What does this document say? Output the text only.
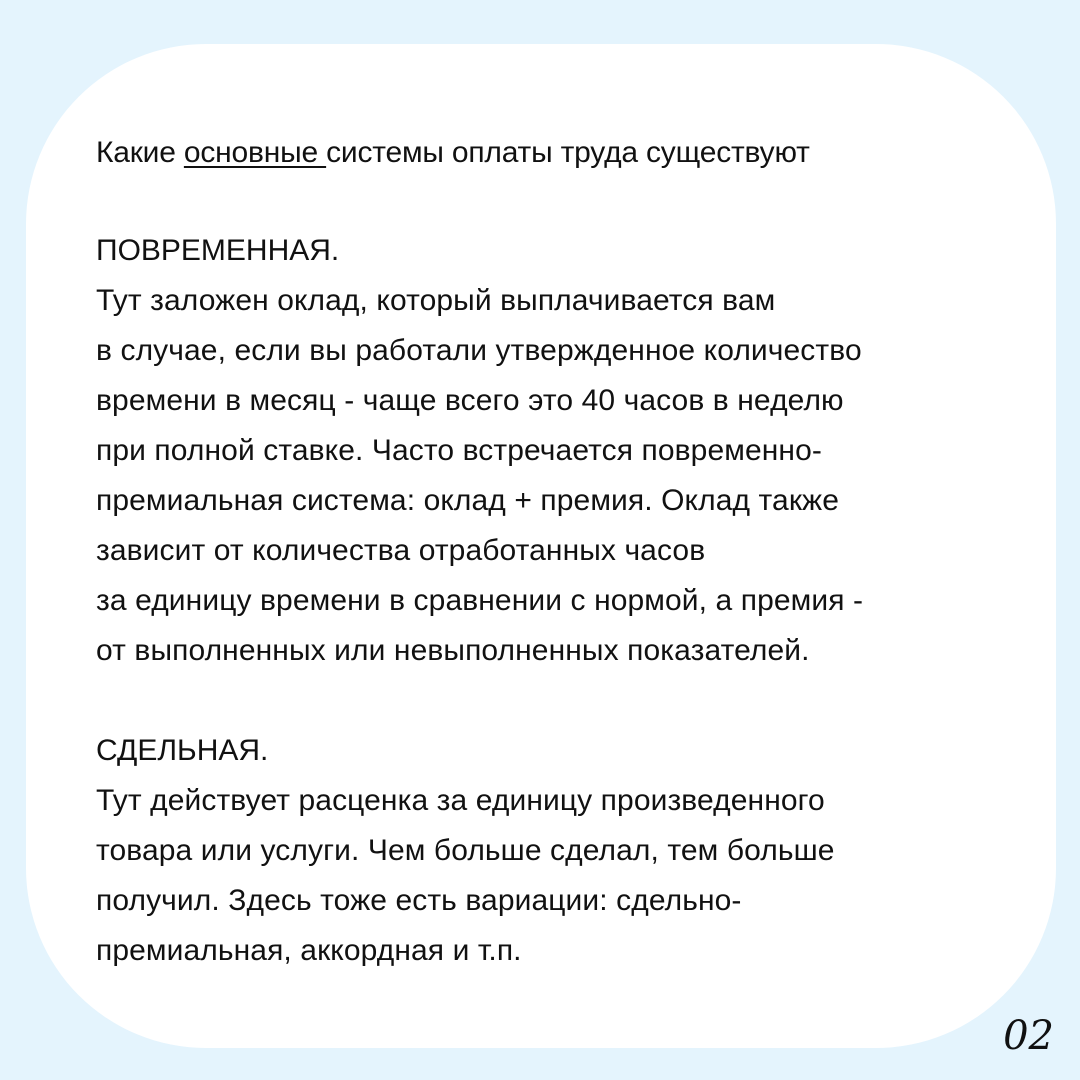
Какие основные системы оплаты труда существуют

ПОВРЕМЕННАЯ.

Тут заложен оклад, который выплачивается вам
в случае, если вы работали утвержденное количество
времени в месяц - чаще всего это 40 часов в неделю
при полной ставке. Часто встречается повременно-
премиальная система: оклад + премия. Оклад также
зависит от количества отработанных часов
за единицу времени в сравнении с нормой, а премия -
от выполненных или невыполненных показателей.

СДЕЛЬНАЯ.

Тут действует расценка за единицу произведенного
товара или услуги. Чем больше сделал, тем больше
получил. Здесь тоже есть вариации: сдельно-
премиальная, аккордная и т.п.
02
